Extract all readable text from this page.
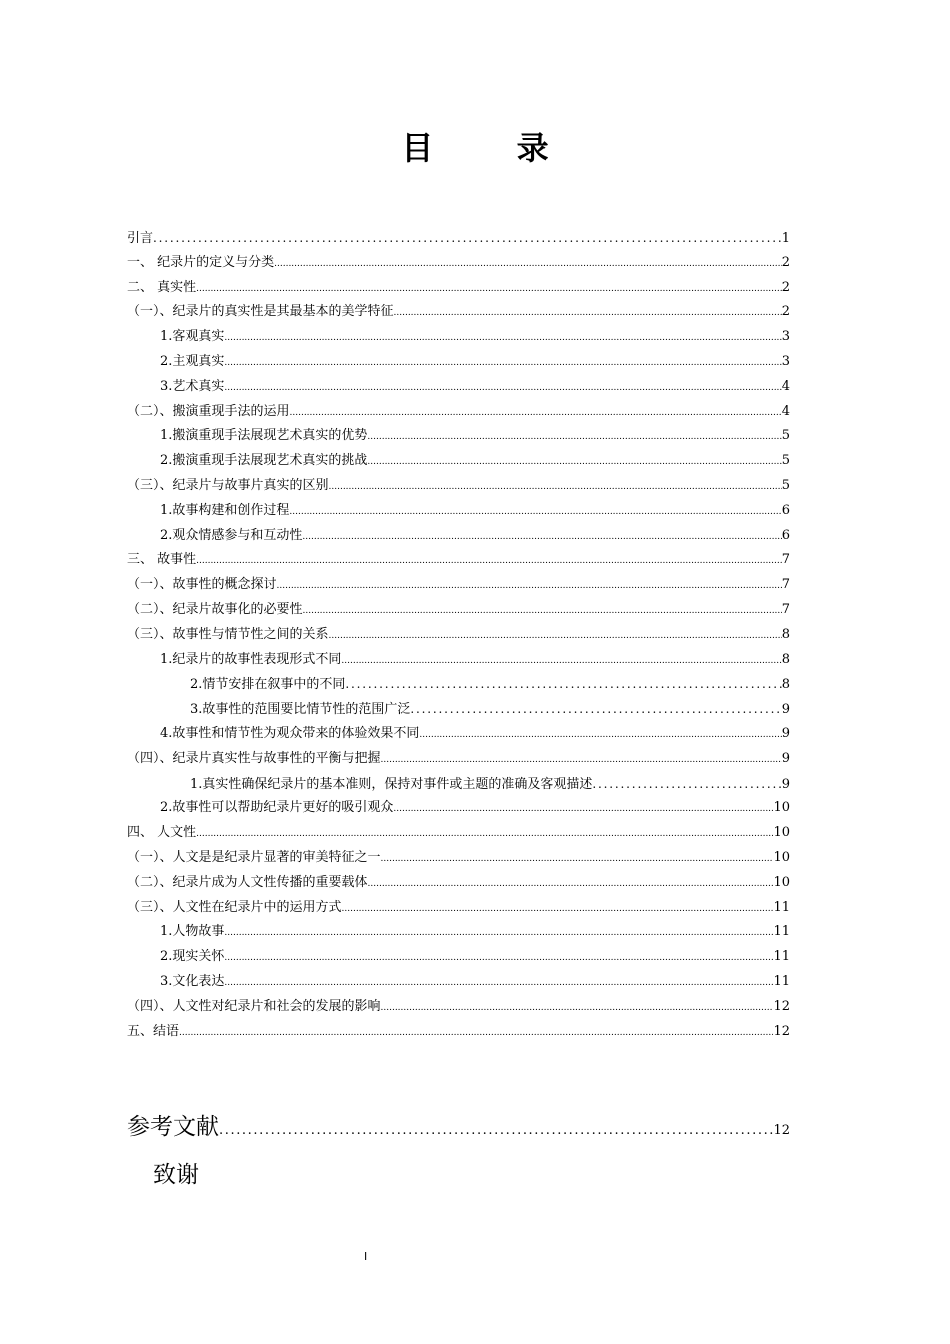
目 录
引言 . . .	1
一、 纪录片的定义与分类 .....	2
二、 真实性 .....	2
（一）、纪录片的真实性是其最基本的美学特征 .....	2
1.客观真实 .....	3
2.主观真实 .....	3
3.艺术真实 .....	4
（二）、搬演重现手法的运用 .....	4
1.搬演重现手法展现艺术真实的优势 .....	5
2.搬演重现手法展现艺术真实的挑战 .....	5
（三）、纪录片与故事片真实的区别 .....	5
1.故事构建和创作过程 .....	6
2.观众情感参与和互动性 .....	6
三、 故事性 .....	7
（一）、故事性的概念探讨 .....	7
（二）、纪录片故事化的必要性 .....	7
（三）、故事性与情节性之间的关系 .....	8
1.纪录片的故事性表现形式不同 .....	8
2.情节安排在叙事中的不同 . . .	8
3.故事性的范围要比情节性的范围广泛 . . .	9
4.故事性和情节性为观众带来的体验效果不同 .....	9
（四）、纪录片真实性与故事性的平衡与把握 .....	9
1.真实性确保纪录片的基本准则，保持对事件或主题的准确及客观描述 . . .	9
2.故事性可以帮助纪录片更好的吸引观众 .....	10
四、 人文性 .....	10
（一）、人文是是纪录片显著的审美特征之一 .....	10
（二）、纪录片成为人文性传播的重要载体 .....	10
（三）、人文性在纪录片中的运用方式 .....	11
1.人物故事 .....	11
2.现实关怀 .....	11
3.文化表达 .....	11
（四）、人文性对纪录片和社会的发展的影响 .....	12
五、结语 .....	12
参考文献 .....	12
致谢
I
